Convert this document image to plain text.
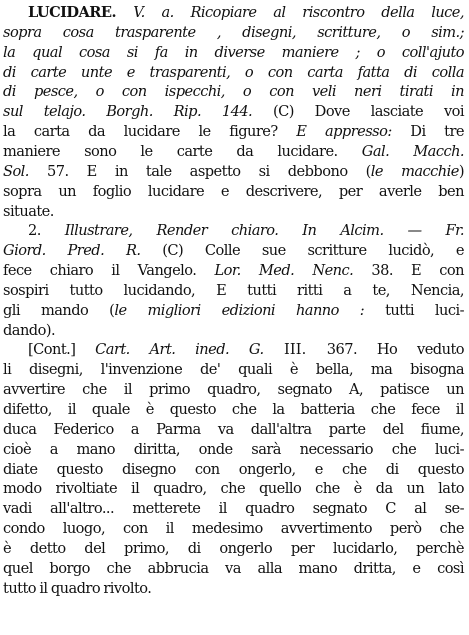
LUCIDARE. V. a. Ricopiare al riscontro della luce,
sopra cosa trasparente , disegni, scritture, o sim.;
la qual cosa si fa in diverse maniere ; o coll'ajuto
di carte unte e trasparenti, o con carta fatta di colla
di pesce, o con ispecchi, o con veli neri tirati in
sul telajo. Borgh. Rip. 144. (C) Dove lasciate voi
la carta da lucidare le figure? E appresso: Di tre
maniere sono le carte da lucidare. Gal. Macch.
Sol. 57. E in tale aspetto si debbono (le macchie)
sopra un foglio lucidare e descrivere, per averle ben
situate.
2. Illustrare, Render chiaro. In Alcim. — Fr.
Giord. Pred. R. (C) Colle sue scritture lucidò, e
fece chiaro il Vangelo. Lor. Med. Nenc. 38. E con
sospiri tutto lucidando, E tutti ritti a te, Nencia,
gli mando (le migliori edizioni hanno : tutti luci-
dando).
[Cont.] Cart. Art. ined. G. III. 367. Ho veduto
li disegni, l'invenzione de' quali è bella, ma bisogna
avvertire che il primo quadro, segnato A, patisce un
difetto, il quale è questo che la batteria che fece il
duca Federico a Parma va dall'altra parte del fiume,
cioè a mano diritta, onde sarà necessario che luci-
diate questo disegno con ongerlo, e che di questo
modo rivoltiate il quadro, che quello che è da un lato
vadi all'altro... metterete il quadro segnato C al se-
condo luogo, con il medesimo avvertimento però che
è detto del primo, di ongerlo per lucidarlo, perchè
quel borgo che abbrucia va alla mano dritta, e così
tutto il quadro rivolto.
